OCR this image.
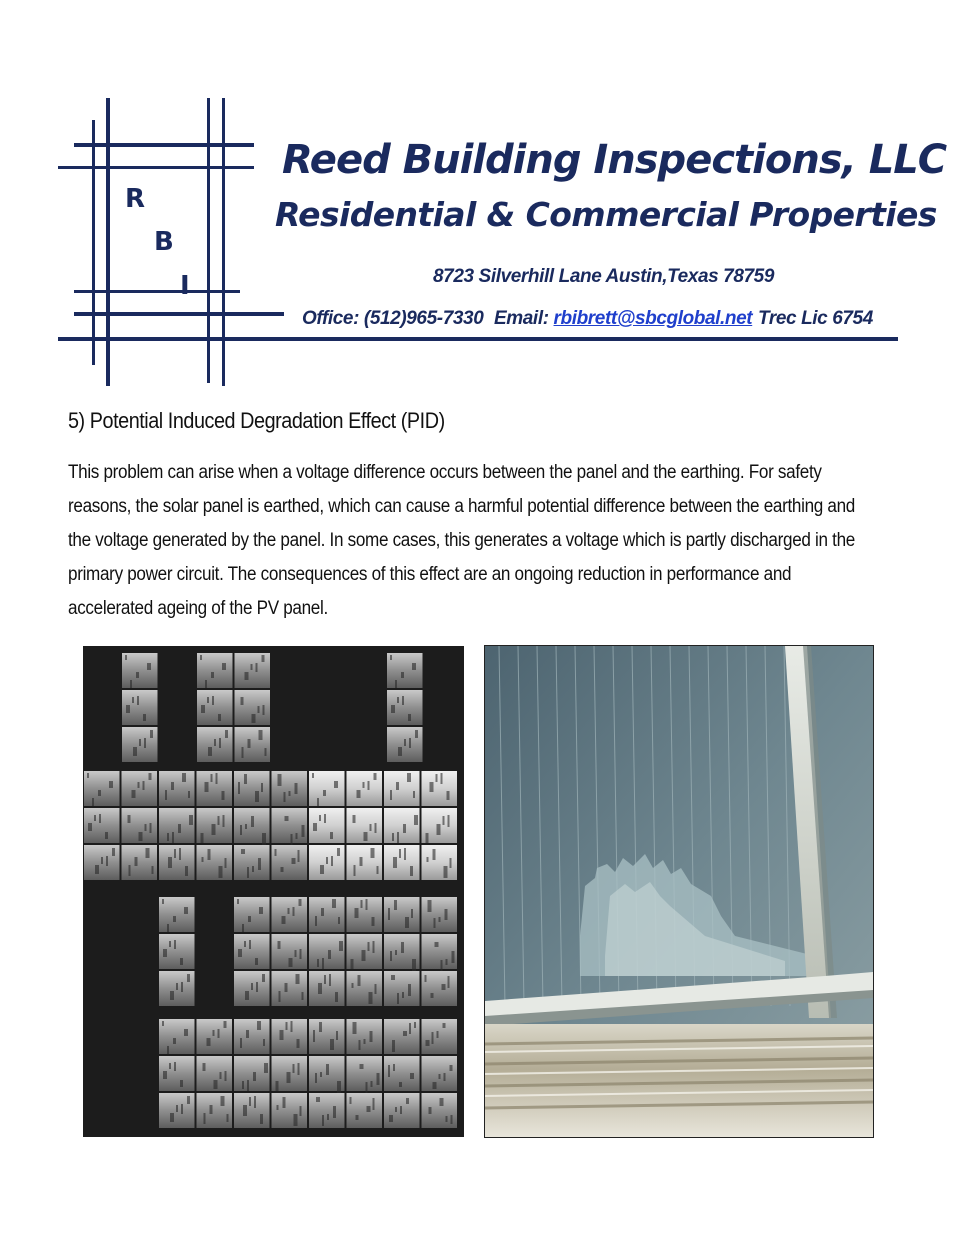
R
B
I
Reed Building Inspections, LLC
Residential & Commercial Properties
8723 Silverhill Lane Austin,Texas 78759
Office: (512)965-7330 Email: rbibrett@sbcglobal.net Trec Lic 6754
5) Potential Induced Degradation Effect (PID)
This problem can arise when a voltage difference occurs between the panel and the earthing. For safety
reasons, the solar panel is earthed, which can cause a harmful potential difference between the earthing and
the voltage generated by the panel. In some cases, this generates a voltage which is partly discharged in the
primary power circuit. The consequences of this effect are an ongoing reduction in performance and
accelerated ageing of the PV panel.
